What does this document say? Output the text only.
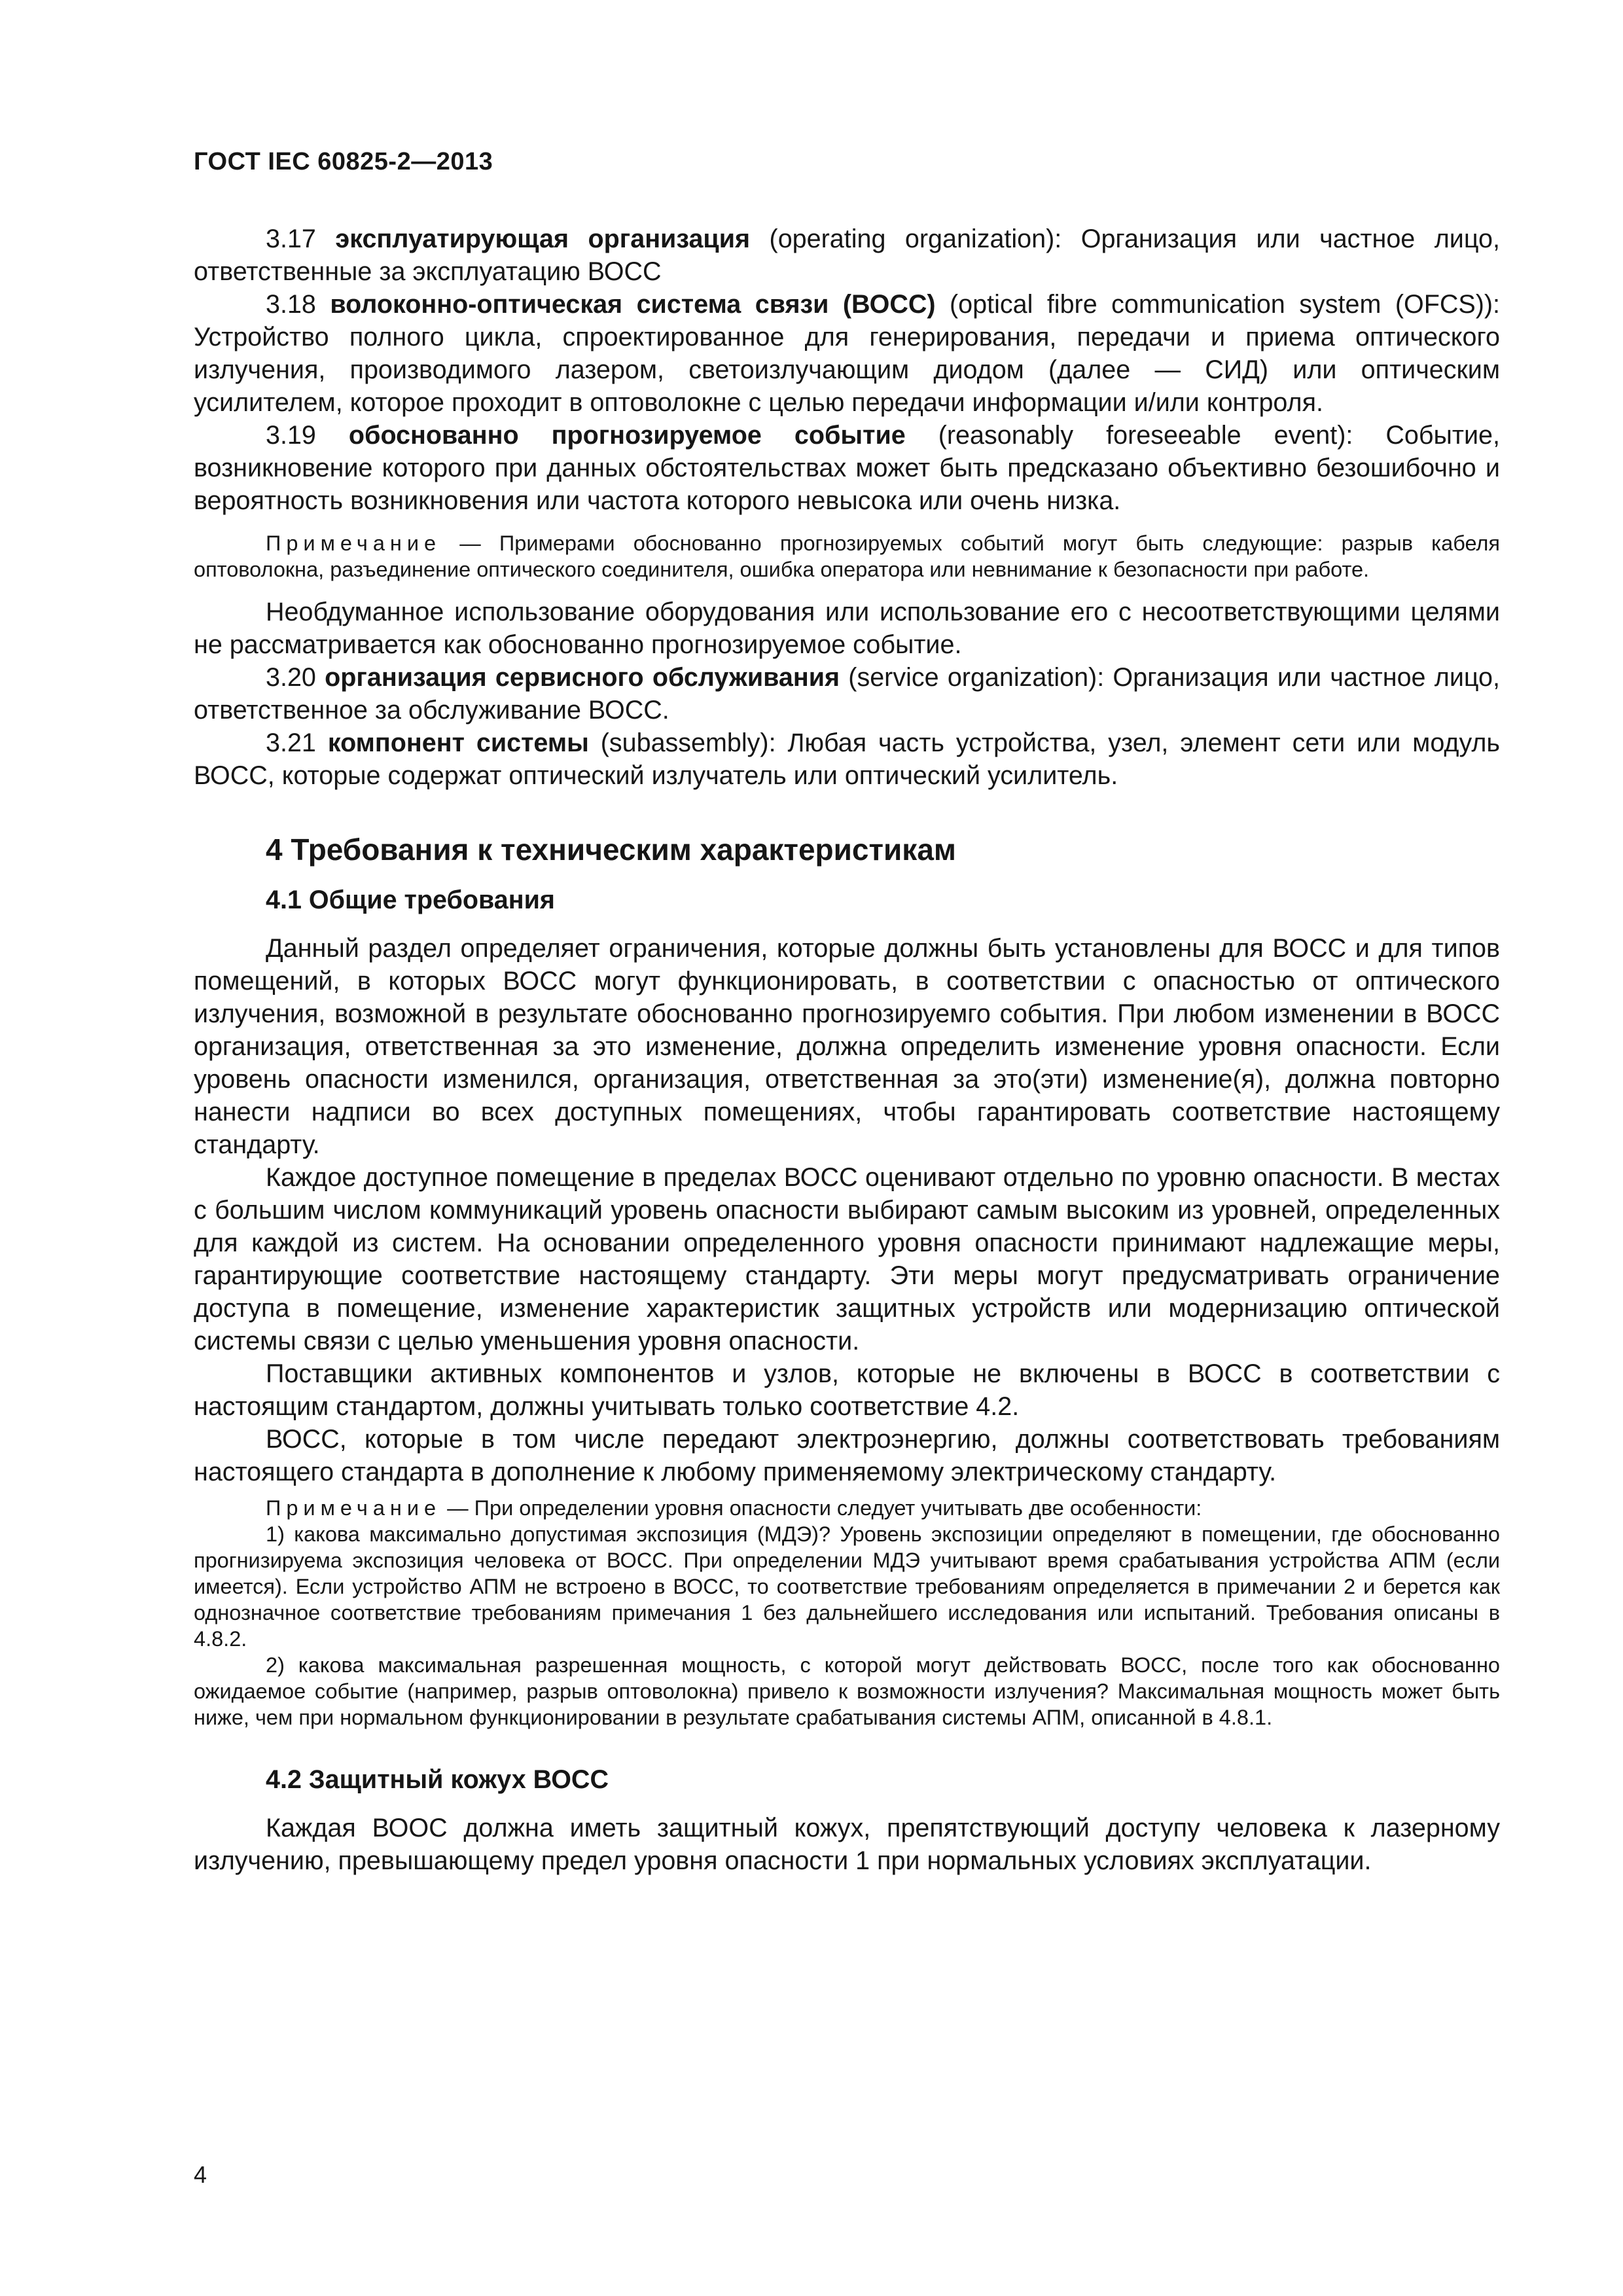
ГОСТ IEC 60825-2—2013

3.17 эксплуатирующая организация (operating organization): Организация или частное лицо, ответственные за эксплуатацию ВОСС

3.18 волоконно-оптическая система связи (ВОСС) (optical fibre communication system (OFCS)): Устройство полного цикла, спроектированное для генерирования, передачи и приема оптического излучения, производимого лазером, светоизлучающим диодом (далее — СИД) или оптическим усилителем, которое проходит в оптоволокне с целью передачи информации и/или контроля.

3.19 обоснованно прогнозируемое событие (reasonably foreseeable event): Событие, возникновение которого при данных обстоятельствах может быть предсказано объективно безошибочно и вероятность возникновения или частота которого невысока или очень низка.

Примечание — Примерами обоснованно прогнозируемых событий могут быть следующие: разрыв кабеля оптоволокна, разъединение оптического соединителя, ошибка оператора или невнимание к безопасности при работе.

Необдуманное использование оборудования или использование его с несоответствующими целями не рассматривается как обоснованно прогнозируемое событие.

3.20 организация сервисного обслуживания (service organization): Организация или частное лицо, ответственное за обслуживание ВОСС.

3.21 компонент системы (subassembly): Любая часть устройства, узел, элемент сети или модуль ВОСС, которые содержат оптический излучатель или оптический усилитель.

4 Требования к техническим характеристикам
4.1 Общие требования

Данный раздел определяет ограничения, которые должны быть установлены для ВОСС и для типов помещений, в которых ВОСС могут функционировать, в соответствии с опасностью от оптического излучения, возможной в результате обоснованно прогнозируемго события. При любом изменении в ВОСС организация, ответственная за это изменение, должна определить изменение уровня опасности. Если уровень опасности изменился, организация, ответственная за это(эти) изменение(я), должна повторно нанести надписи во всех доступных помещениях, чтобы гарантировать соответствие настоящему стандарту.

Каждое доступное помещение в пределах ВОСС оценивают отдельно по уровню опасности. В местах с большим числом коммуникаций уровень опасности выбирают самым высоким из уровней, определенных для каждой из систем. На основании определенного уровня опасности принимают надлежащие меры, гарантирующие соответствие настоящему стандарту. Эти меры могут предусматривать ограничение доступа в помещение, изменение характеристик защитных устройств или модернизацию оптической системы связи с целью уменьшения уровня опасности.

Поставщики активных компонентов и узлов, которые не включены в ВОСС в соответствии с настоящим стандартом, должны учитывать только соответствие 4.2.

ВОСС, которые в том числе передают электроэнергию, должны соответствовать требованиям настоящего стандарта в дополнение к любому применяемому электрическому стандарту.

Примечание — При определении уровня опасности следует учитывать две особенности:

1) какова максимально допустимая экспозиция (МДЭ)? Уровень экспозиции определяют в помещении, где обоснованно прогнизируема экспозиция человека от ВОСС. При определении МДЭ учитывают время срабатывания устройства АПМ (если имеется). Если устройство АПМ не встроено в ВОСС, то соответствие требованиям определяется в примечании 2 и берется как однозначное соответствие требованиям примечания 1 без дальнейшего исследования или испытаний. Требования описаны в 4.8.2.

2) какова максимальная разрешенная мощность, с которой могут действовать ВОСС, после того как обоснованно ожидаемое событие (например, разрыв оптоволокна) привело к возможности излучения? Максимальная мощность может быть ниже, чем при нормальном функционировании в результате срабатывания системы АПМ, описанной в 4.8.1.

4.2 Защитный кожух ВОСС

Каждая ВООС должна иметь защитный кожух, препятствующий доступу человека к лазерному излучению, превышающему предел уровня опасности 1 при нормальных условиях эксплуатации.

4
